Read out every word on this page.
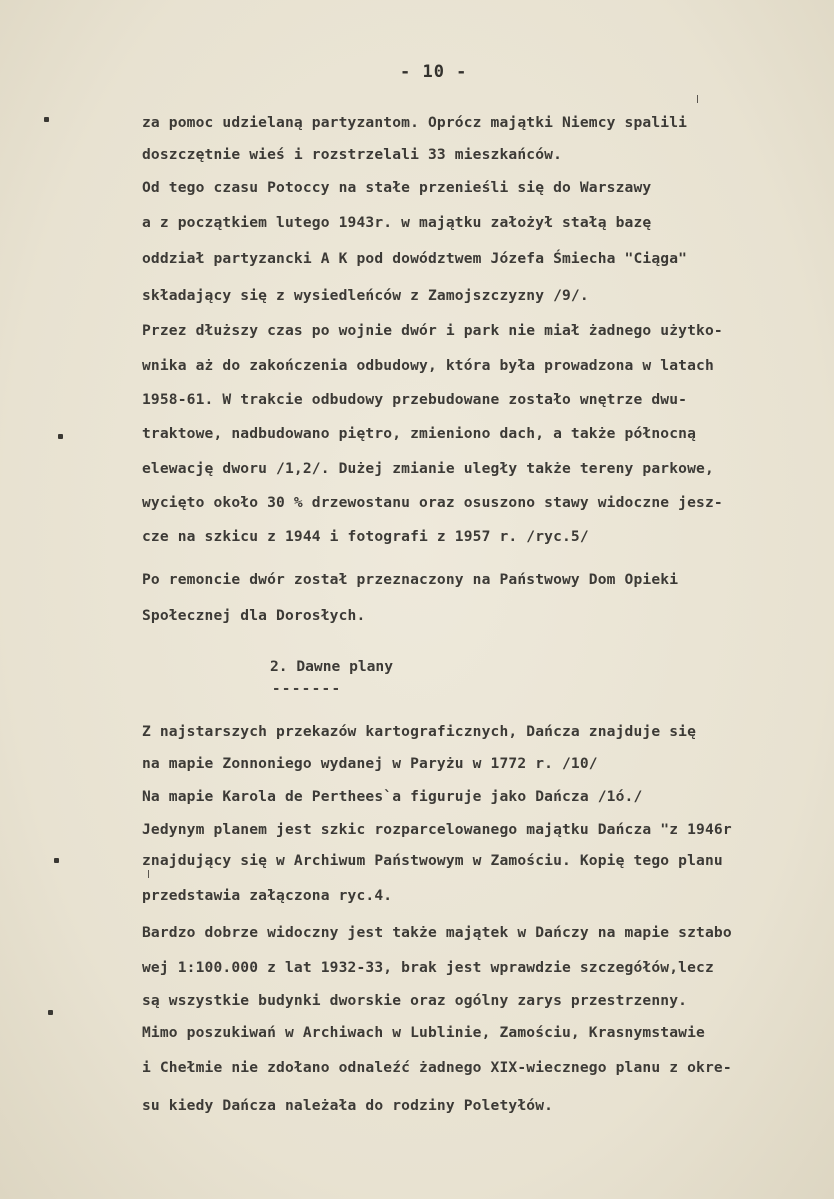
- 10 -
za pomoc udzielaną partyzantom. Oprócz majątki Niemcy spalili
doszczętnie wieś i rozstrzelali 33 mieszkańców.
Od tego czasu Potoccy na stałe przenieśli się do Warszawy
a z początkiem lutego 1943r. w majątku założył stałą bazę
oddział partyzancki A K pod dowództwem Józefa Śmiecha "Ciąga"
składający się z wysiedleńców z Zamojszczyzny /9/.
Przez dłuższy czas po wojnie dwór i park nie miał żadnego użytko-
wnika aż do zakończenia odbudowy, która była prowadzona w latach
1958-61. W trakcie odbudowy przebudowane zostało wnętrze dwu-
traktowe, nadbudowano piętro, zmieniono dach, a także północną
elewację dworu /1,2/. Dużej zmianie uległy także tereny parkowe,
wycięto około 30 % drzewostanu oraz osuszono stawy widoczne jesz-
cze na szkicu z 1944 i fotografi z 1957 r. /ryc.5/
Po remoncie dwór został przeznaczony na Państwowy Dom Opieki
Społecznej dla Dorosłych.
2. Dawne plany
-------
Z najstarszych przekazów kartograficznych, Dańcza znajduje się
na mapie Zonnoniego wydanej w Paryżu w 1772 r. /10/
Na mapie Karola de Perthees`a figuruje jako Dańcza /1ó./
Jedynym planem jest szkic rozparcelowanego majątku Dańcza "z 1946r
znajdujący się w Archiwum Państwowym w Zamościu. Kopię tego planu
przedstawia załączona ryc.4.
Bardzo dobrze widoczny jest także majątek w Dańczy na mapie sztabo
wej 1:100.000 z lat 1932-33, brak jest wprawdzie szczegółów,lecz
są wszystkie budynki dworskie oraz ogólny zarys przestrzenny.
Mimo poszukiwań w Archiwach w Lublinie, Zamościu, Krasnymstawie
i Chełmie nie zdołano odnaleźć żadnego XIX-wiecznego planu z okre-
su kiedy Dańcza należała do rodziny Poletyłów.
